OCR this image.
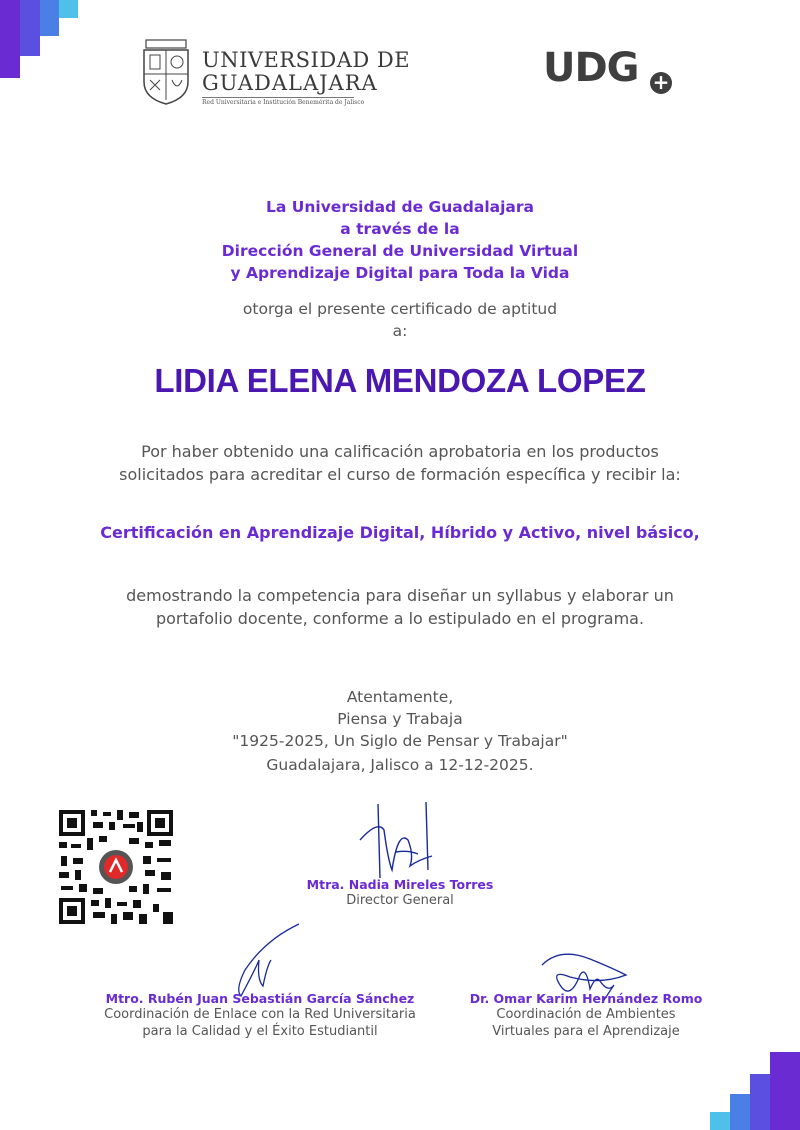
UNIVERSIDAD DE
GUADALAJARA
Red Universitaria e Institución Benemérita de Jalisco
UDG +
La Universidad de Guadalajara
a través de la
Dirección General de Universidad Virtual
y Aprendizaje Digital para Toda la Vida
otorga el presente certificado de aptitud
a:
LIDIA ELENA MENDOZA LOPEZ
Por haber obtenido una calificación aprobatoria en los productos
solicitados para acreditar el curso de formación específica y recibir la:
Certificación en Aprendizaje Digital, Híbrido y Activo, nivel básico,
demostrando la competencia para diseñar un syllabus y elaborar un
portafolio docente, conforme a lo estipulado en el programa.
Atentamente,
Piensa y Trabaja
"1925-2025, Un Siglo de Pensar y Trabajar"
Guadalajara, Jalisco a 12-12-2025.
Mtra. Nadia Mireles Torres
Director General
Mtro. Rubén Juan Sebastián García Sánchez
Coordinación de Enlace con la Red Universitaria
para la Calidad y el Éxito Estudiantil
Dr. Omar Karim Hernández Romo
Coordinación de Ambientes
Virtuales para el Aprendizaje
